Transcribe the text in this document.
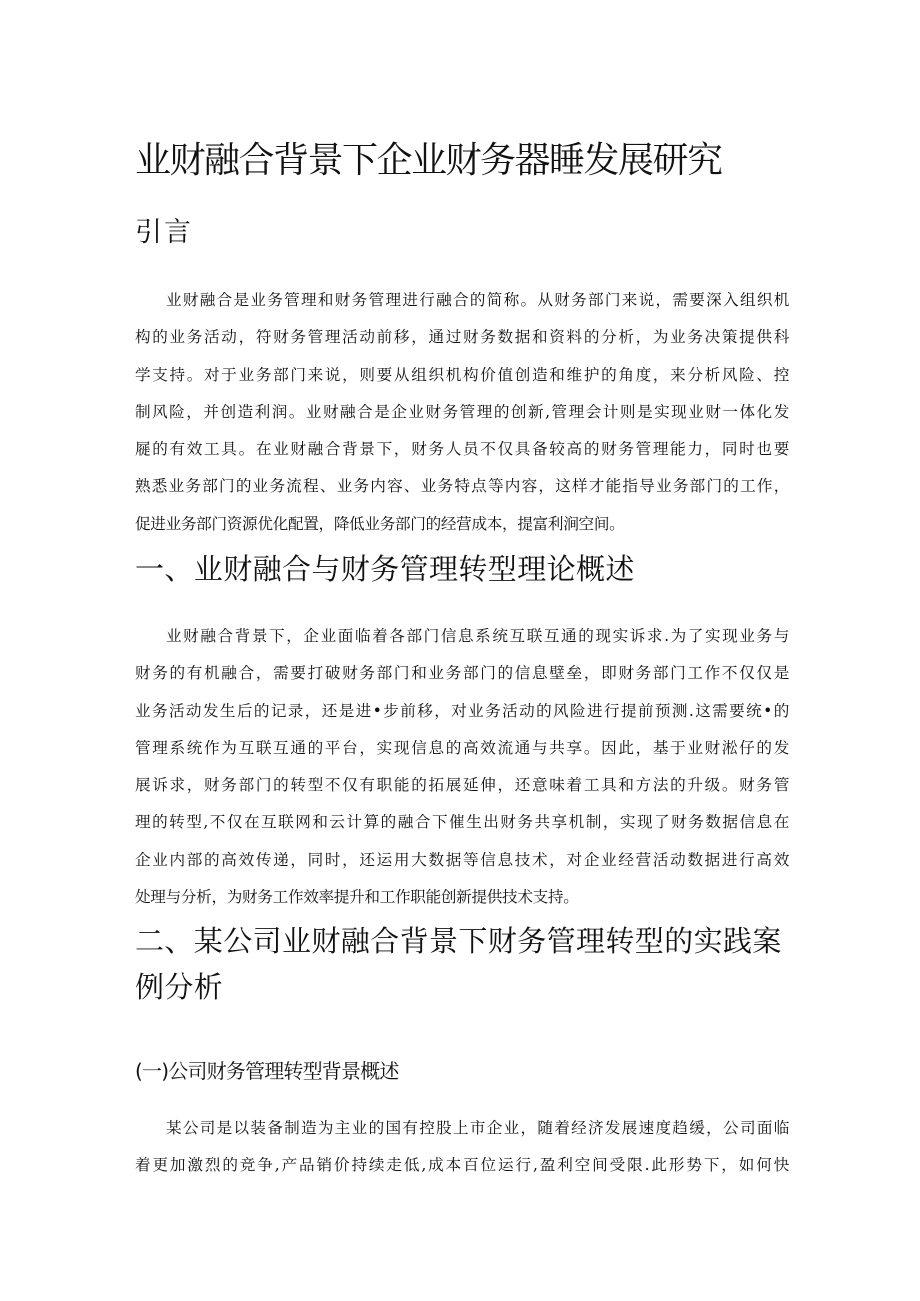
业财融合背景下企业财务器睡发展研究
引言
业财融合是业务管理和财务管理进行融合的简称。从财务部门来说，需要深入组织机
构的业务活动，符财务管理活动前移，通过财务数据和资料的分析，为业务决策提供科
学支持。对于业务部门来说，则要从组织机构价值创造和维护的角度，来分析风险、控
制风险，并创造利润。业财融合是企业财务管理的创新,管理会计则是实现业财一体化发
屣的有效工具。在业财融合背景下，财务人员不仅具备较高的财务管理能力，同时也要
熟悉业务部门的业务流程、业务内容、业务特点等内容，这样才能指导业务部门的工作，
促进业务部门资源优化配置，降低业务部门的经营成本，提富利涧空间。
一、业财融合与财务管理转型理论概述
业财融合背景下，企业面临着各部门信息系统互联互通的现实诉求.为了实现业务与
财务的有机融合，需要打破财务部门和业务部门的信息壁垒，即财务部门工作不仅仅是
业务活动发生后的记录，还是进•步前移，对业务活动的风险进行提前预测.这需要统•的
管理系统作为互联互通的平台，实现信息的高效流通与共享。因此，基于业财淞仔的发
展诉求，财务部门的转型不仅有职能的拓展延伸，还意味着工具和方法的升级。财务管
理的转型,不仅在互联网和云计算的融合下催生出财务共享机制，实现了财务数据信息在
企业内部的高效传递，同时，还运用大数据等信息技术，对企业经营活动数据进行高效
处理与分析，为财务工作效率提升和工作职能创新提供技术支持。
二、某公司业财融合背景下财务管理转型的实践案例分析
(一)公司财务管理转型背景概述
某公司是以装备制造为主业的国有控股上市企业，随着经济发展速度趋缓，公司面临
着更加激烈的竞争,产品销价持续走低,成本百位运行,盈利空间受限.此形势下，如何快
